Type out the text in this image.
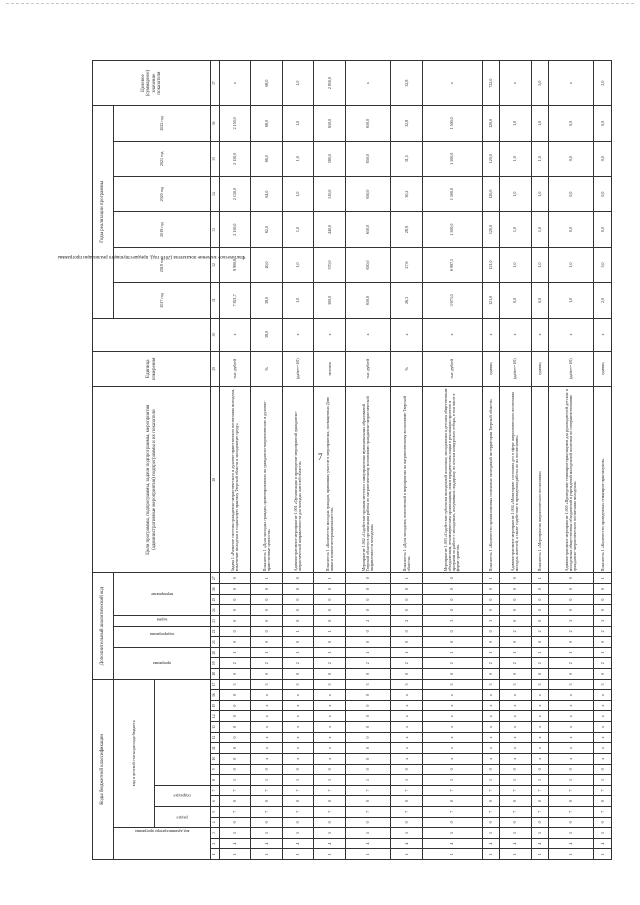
7
Коды бюджетной классификации																	Дополнительный аналитический код										Цели программы, подпрограммы, задачи подпрограммы, мероприятия (административные мероприятия) подпрограммы и их показатели	Единица измерения	Фактическое значение показателя (2016 год), предшествующего реализации программы	Годы реализации программы						Целевое (суммарное) значение показателя
код администратора программы			вид и целевой статьи расхода бюджета														программа			подпрограмма		задача	мероприятие							2017 год	2018 год	2019 год	2020 год	2021 год	2022 год	
			раздел		подраздел																															
1	2	3	4	5	6	7	8	9	10	11	12	13	14	15	16	17	18	19	20	21	22	23	24	25	26	27	28	29	30	31	32	33	34	35	36	37
1	4	5	0	7	0	7	1	0	0	0	0	0	0	0	0	3	0	2	1	0	0	0	0	0	0	0	Задача 1 «Развитие системы гражданско-патриотического и духовно-нравственного воспитания молодежи, вовлечение молодежи в социальную практику Тверской области и молодежную среду»	тыс. рублей	х	7 821,7	9 900,8	2 150,0	2 150,0	2 150,0	2 150,0	х
1	4	5	0	7	0	7	1	0	х	х	х	х	х	х	х	3	0	2	1	0	0	0	0	0	0	1	Показатель 1 «Доля молодых граждан, ориентированных на гражданско-патриотические и духовно-нравственные ценности»	%	38,0	38,0	40,0	62,0	64,0	66,0	68,0	68,0
1	4	5	0	7	0	7	1	0	х	х	х	х	х	х	х	3	0	2	1	0	1	0	0	0	0	0	Административное мероприятие 1.001 «Организация и проведение мероприятий гражданско-патриотической направленности для молодых жителей области»	(да/нет=1/0)	х	1,0	1,0	1,0	1,0	1,0	1,0	1,0
1	4	5	0	7	0	7	1	0	х	х	х	х	х	х	х	3	0	2	1	0	1	0	0	0	0	1	Показатель 1 «Количество молодых граждан, принявших участие в мероприятиях, посвященных Дню памяти воинов-интернационалистов»	человек	х	300,0	370,0	440,0	510,0	580,0	650,0	2 850,0
1	4	5	0	7	0	7	1	0	0	0	0	0	0	0	0	3	0	2	1	0	0	2	0	0	0	0	Мероприятие 1.002 «Содействие органам местного самоуправления муниципальных образований Тверской области в организации работы по патриотическому воспитанию гражданско-патриотической направленности молодежи»	тыс. рублей	х	650,0	650,0	650,0	650,0	650,0	650,0	х
1	4	5	0	7	0	7	1	0	х	х	х	х	х	х	х	3	0	2	1	0	0	2	0	0	0	1	Показатель 1 «Доля молодежи, вовлеченной в мероприятия по патриотическому воспитанию Тверской области»	%	х	26,3	27,6	28,9	30,2	31,5	32,8	32,8
1	4	5	0	7	0	7	1	0	х	х	х	х	х	х	х	3	0	2	1	0	0	3	0	0	0	0	Мероприятие 1.003 «Содействие субъектам молодежной политики, молодежным и детским общественным объединениям, некоммерческим организациям, иным юридическим лицам в реализации проектов и программ по работе с молодежью, получивших поддержку по итогам конкурсного отбора, в том числе в форме грантов»	тыс. рублей	х	3 673,0	6 997,5	1 500,0	1 500,0	1 500,0	1 500,0	х
1	4	5	0	7	0	7	1	0	х	х	х	х	х	х	х	3	0	2	1	0	0	3	0	0	0	1	Показатель 1 «Количество организованных поисковых экспедиций на территории Тверской области»	единиц	х	121,0	121,0	120,0	120,0	120,0	120,0	722,0
1	4	5	0	7	0	7	1	0	х	х	х	х	х	х	х	3	0	2	1	0	2	0	0	0	0	0	Административное мероприятие 1.004 «Мониторинг состояния дел в сфере патриотического воспитания молодых жителей, а также содействие в проведении работы по их воспитанию»	(да/нет=1/0)	х	0,0	1,0	1,0	1,0	1,0	1,0	х
1	4	5	0	7	0	7	1	0	х	х	х	х	х	х	х	3	0	2	1	0	2	0	0	0	0	1	Показатель 1 «Мероприятия патриотического воспитания»	единиц	х	0,0	1,0	1,0	1,0	1,0	1,0	5,0
1	4	5	0	7	0	7	1	0	х	х	х	х	х	х	х	3	0	2	1	0	2	5	0	0	0	0	Административное мероприятие 1.005 «Проведение семинаров-практикумов для руководителей детских и молодежных общественных объединений и учреждений молодежной политики по совершенствованию гражданско-патриотического воспитания молодежи»	(да/нет=1/0)	х	1,0	1,0	0,0	0,0	0,0	0,0	х
1	4	5	0	7	0	7	1	0	х	х	х	х	х	х	х	3	0	2	1	0	2	5	0	0	0	1	Показатель 1 «Количество проведенных семинаров-практикумов»	единиц	х	2,0	3,0	0,0	0,0	0,0	0,0	2,0
